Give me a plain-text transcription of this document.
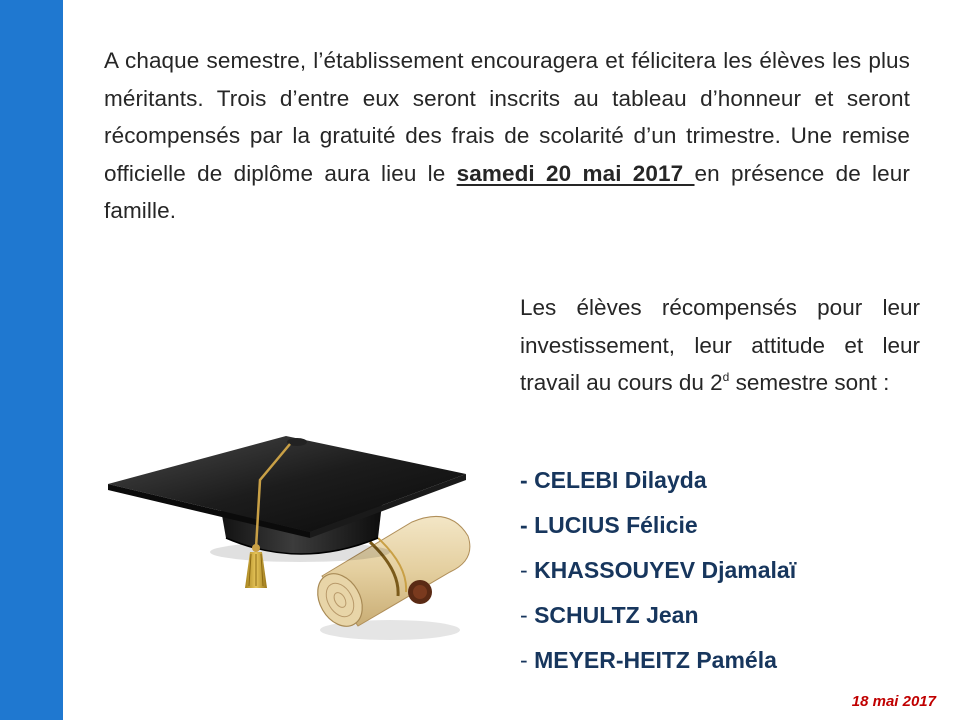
A chaque semestre, l’établissement encouragera et félicitera les élèves les plus méritants. Trois d’entre eux seront inscrits au tableau d’honneur et seront récompensés par la gratuité des frais de scolarité d’un trimestre. Une remise officielle de diplôme aura lieu le samedi 20 mai 2017 en présence de leur famille.
Les élèves récompensés pour leur investissement, leur attitude et leur travail au cours du 2$^d$ semestre sont :
- CELEBI Dilayda
- LUCIUS Félicie
- KHASSOUYEV Djamalaï
- SCHULTZ Jean
- MEYER-HEITZ Paméla
18 mai 2017
